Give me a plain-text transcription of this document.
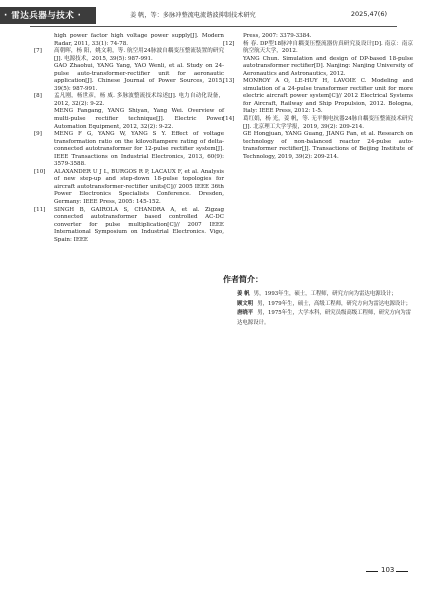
· 雷达兵器与技术 ·	姜 帆，等：多脉冲整流电流谐波抑制技术研究	2025,47(6)

high power factor high voltage power supply[J]. Modern Radar, 2011, 33(1): 74-78.

[7] 高朝晖，杨 阳，姚文莉，等. 航空用24脉波自耦变压整流装置的研究[J]. 电源技术，2015, 39(5): 987-991.

GAO Zhaohui, YANG Yang, YAO Wenli, et al. Study on 24-pulse auto-transformer-rectifier unit for aeronautic application[J]. Chinese Journal of Power Sources, 2015, 39(5): 987-991.

[8] 孟凡刚，杨世彦，杨 威. 多脉波整流技术综述[J]. 电力自动化设备，2012, 32(2): 9-22.

MENG Fangang, YANG Shiyan, Yang Wei. Overview of multi-pulse rectifier technique[J]. Electric Power Automation Equipment, 2012, 32(2): 9-22.

[9] MENG F G, YANG W, YANG S Y. Effect of voltage transformation ratio on the kilovoltampere rating of delta-connected autotransformer for 12-pulse rectifier system[J]. IEEE Transactions on Industrial Electronics, 2013, 60(9): 3579-3588.

[10] ALAXANDER U J L, BURGOS R P, LACAUX F, et al. Analysis of new step-up and step-down 18-pulse topologies for aircraft autotransformer-rectifier units[C]// 2005 IEEE 36th Power Electronics Specialists Conference. Dresden, Germany: IEEE Press, 2005: 145-152.

[11] SINGH B, GAIROLA S, CHANDRA A, et al. Zigzag connected autotransformer based controlled AC-DC converter for pulse multiplication[C]// 2007 IEEE International Symposium on Industrial Electronics. Vigo, Spain: IEEE

Press, 2007: 3379-3384.

[12] 杨 春. DP型18脉冲自耦变压整流器仿真研究及设计[D]. 南京：南京航空航天大学，2012.

YANG Chun. Simulation and design of DP-based 18-pulse autotransformer rectifier[D]. Nanjing: Nanjing University of Aeronautics and Astronautics, 2012.

[13] MONROY A O, LE-HUY H, LAVOIE C. Modeling and simulation of a 24-pulse transformer rectifier unit for more electric aircraft power system[C]// 2012 Electrical Systems for Aircraft, Railway and Ship Propulsion, 2012. Bologna, Italy: IEEE Press, 2012: 1-5.

[14] 葛红娟，杨 光，姜 帆，等. 无平衡电抗器24脉自耦变压整流技术研究[J]. 北京理工大学学报，2019, 39(2): 209-214.

GE Hongjuan, YANG Guang, JIANG Fan, et al. Research on technology of non-balanced reactor 24-pulse auto-transformer rectifier[J]. Transactions of Beijing Institute of Technology, 2019, 39(2): 209-214.

作者简介：
姜 帆 男，1993年生，硕士，工程师，研究方向为雷达电源设计；
顾文明 男，1979年生，硕士，高级工程师，研究方向为雷达电源设计；
唐晓平 男，1975年生，大学本科，研究员级高级工程师，研究方向为雷达电源设计。
103
